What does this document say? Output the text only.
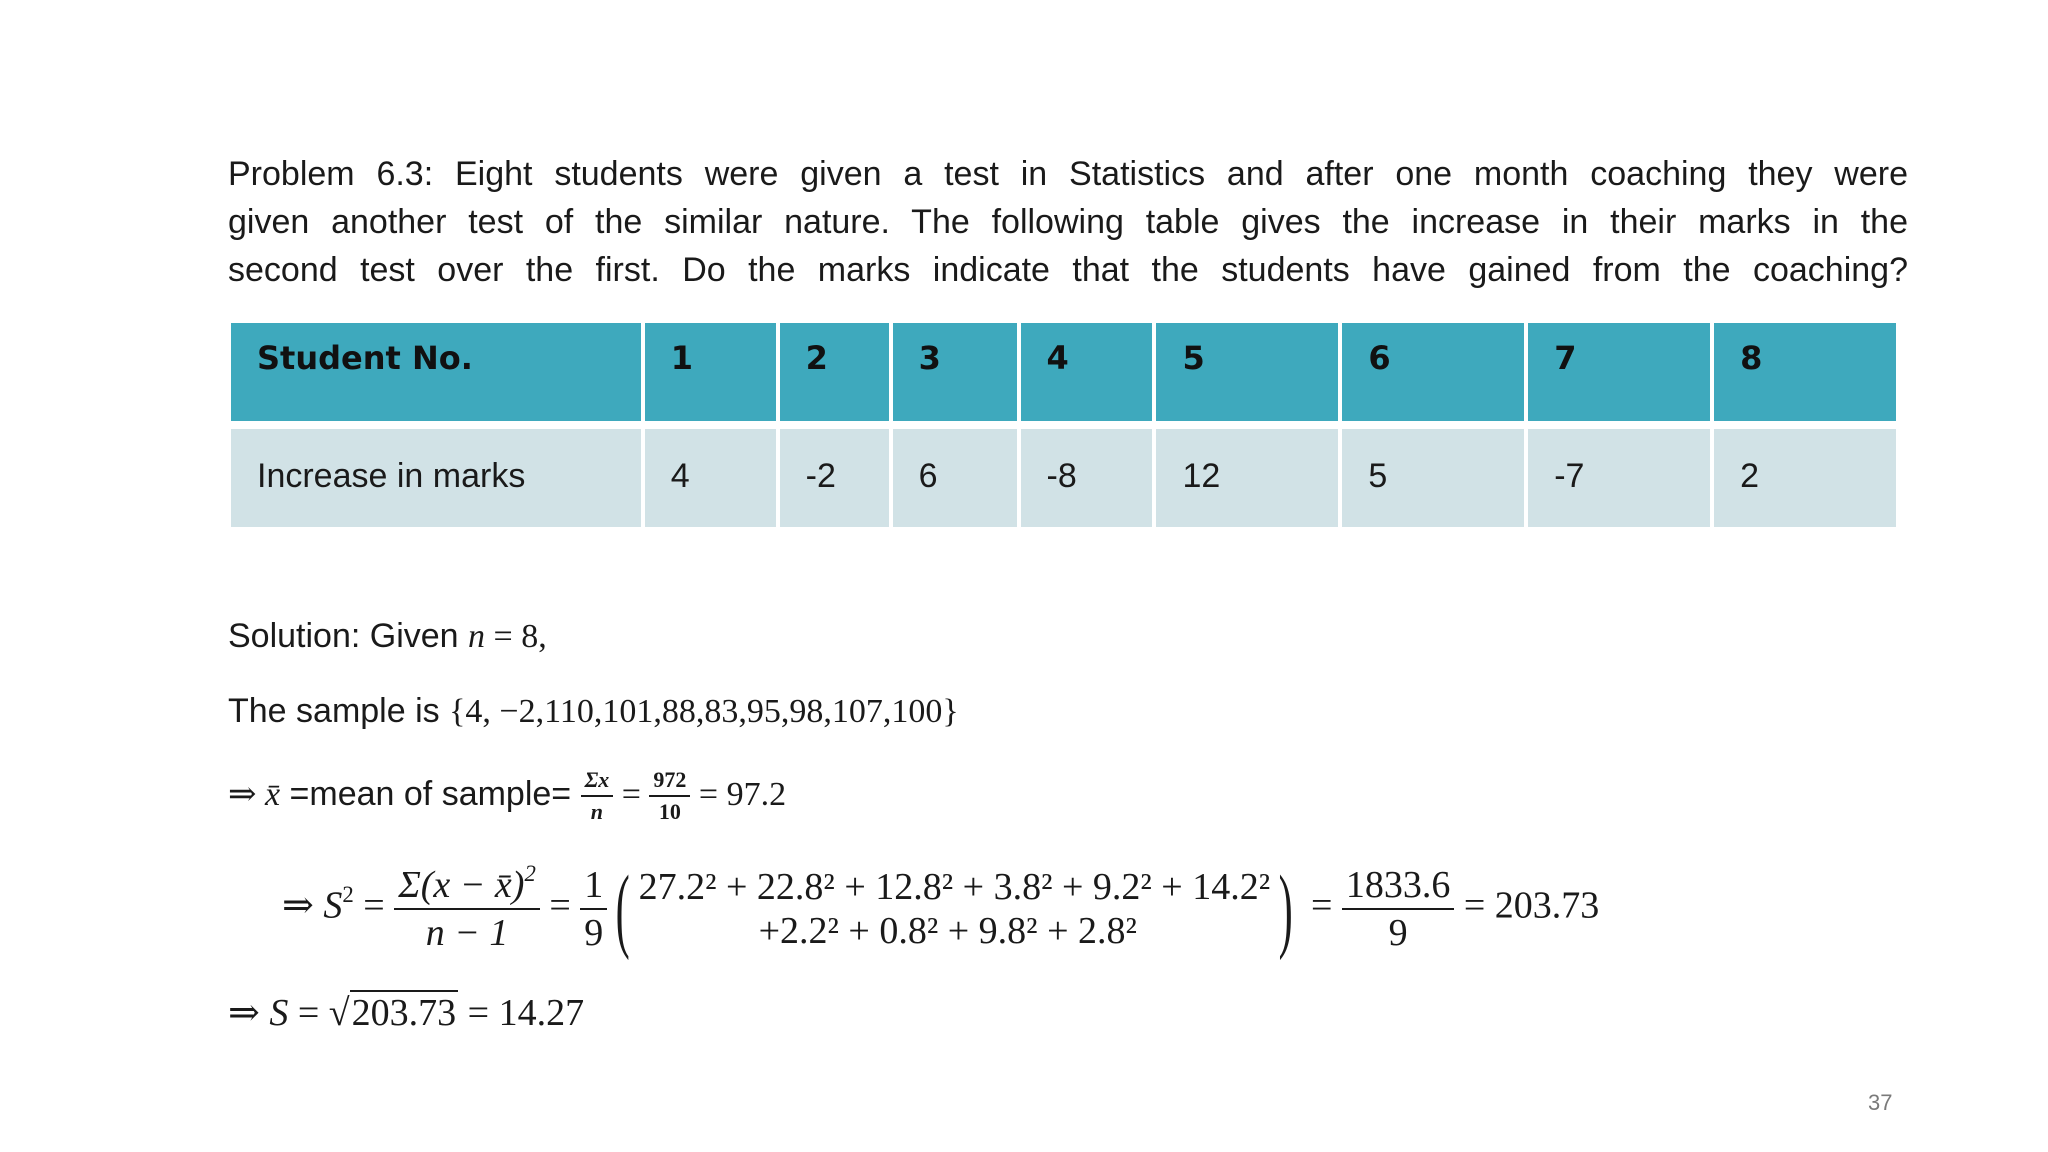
Problem 6.3: Eight students were given a test in Statistics and after one month coaching they were
given another test of the similar nature. The following table gives the increase in their marks in the
second test over the first. Do the marks indicate that the students have gained from the coaching?
Student No.	1	2	3	4	5	6	7	8
Increase in marks	4	-2	6	-8	12	5	-7	2
Solution: Given n = 8,
The sample is {4, −2,110,101,88,83,95,98,107,100}
⇒ x̄ =mean of sample= $\frac{\Sigma x}{n} = \frac{972}{10} = 97.2$
⇒ $S^2 = \frac{\Sigma(x - x̄)^2}{n - 1} = \frac{1}{9}$ ( 27.2² + 22.8² + 12.8² + 3.8² + 9.2² + 14.2²
+2.2² + 0.8² + 9.8² + 2.8²	) = $\frac{1833.6}{9} = 203.73$
⇒ S = √203.73 = 14.27
37
